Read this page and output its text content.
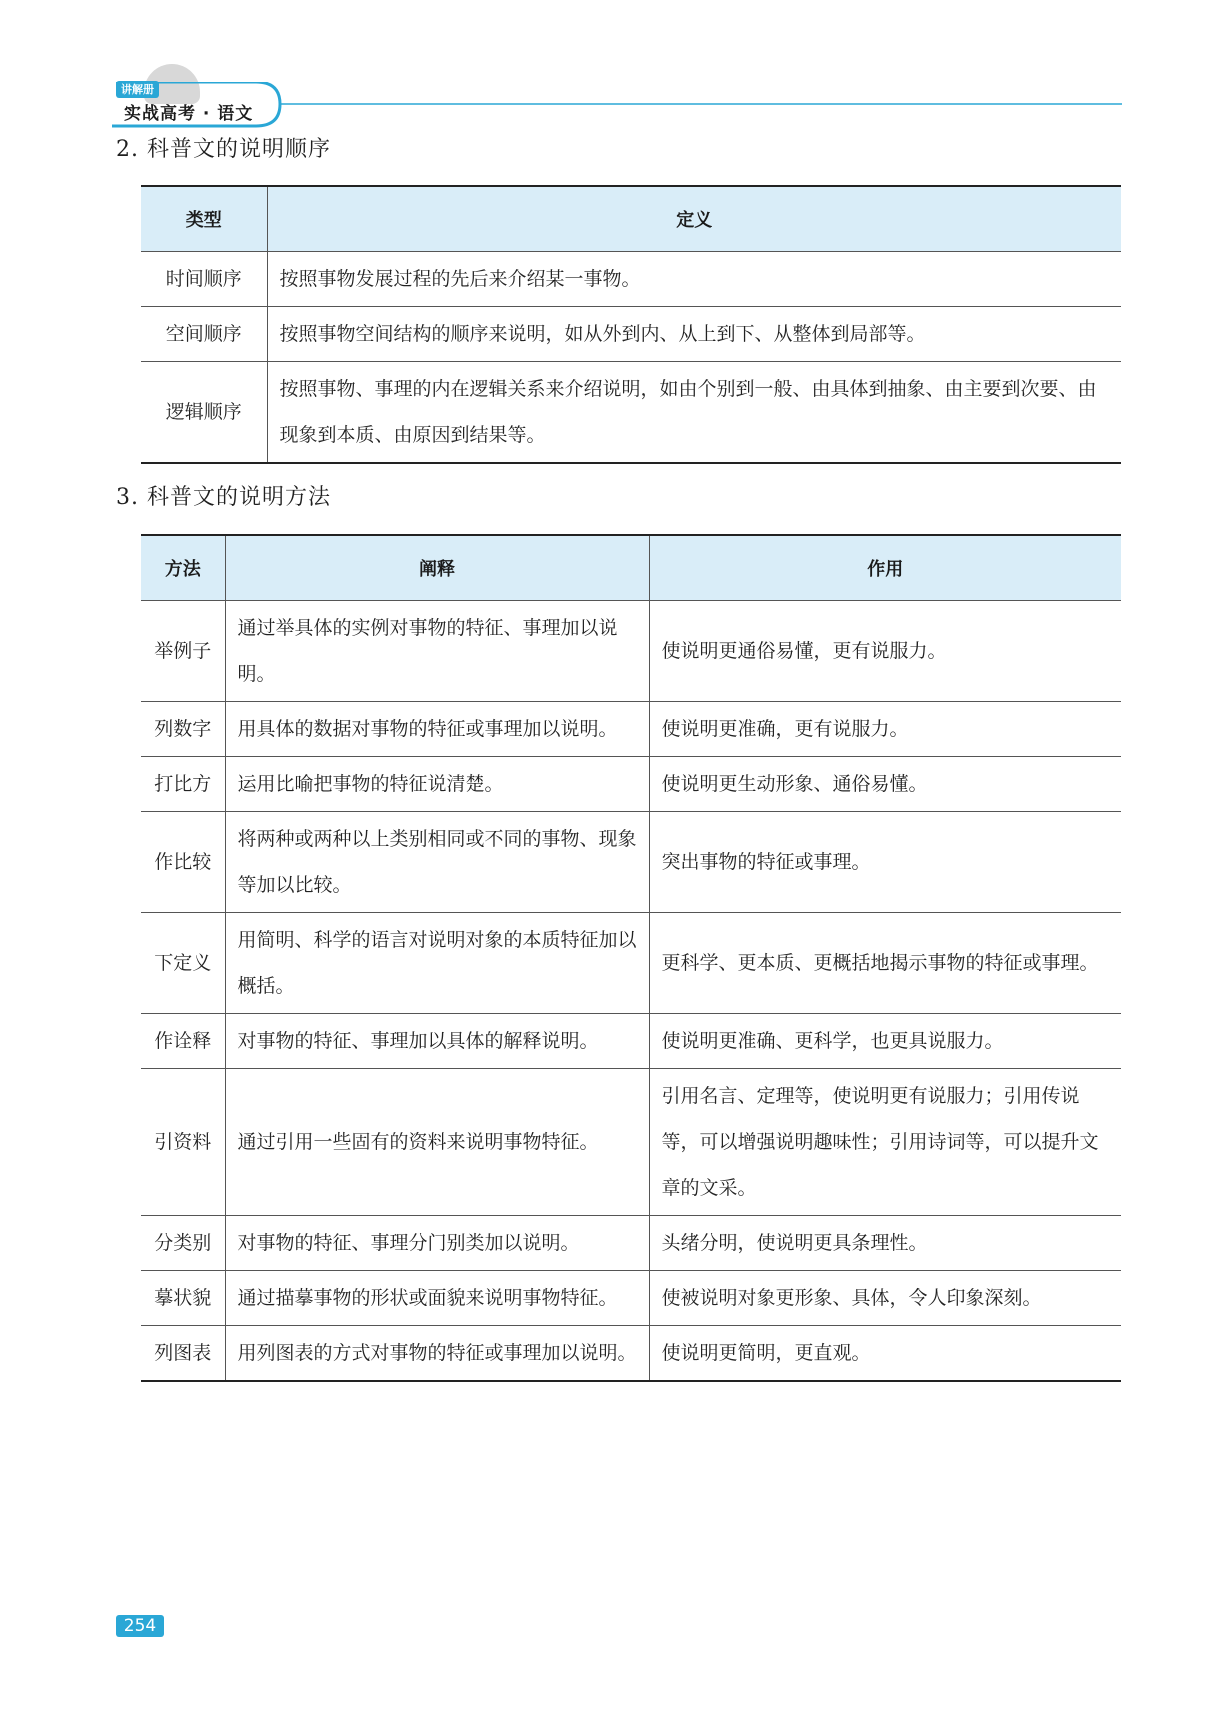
讲解册
实战高考 · 语文
2. 科普文的说明顺序
类型	定义
时间顺序	按照事物发展过程的先后来介绍某一事物。
空间顺序	按照事物空间结构的顺序来说明，如从外到内、从上到下、从整体到局部等。
逻辑顺序	按照事物、事理的内在逻辑关系来介绍说明，如由个别到一般、由具体到抽象、由主要到次要、由现象到本质、由原因到结果等。
3. 科普文的说明方法
方法	阐释	作用
举例子	通过举具体的实例对事物的特征、事理加以说明。	使说明更通俗易懂，更有说服力。
列数字	用具体的数据对事物的特征或事理加以说明。	使说明更准确，更有说服力。
打比方	运用比喻把事物的特征说清楚。	使说明更生动形象、通俗易懂。
作比较	将两种或两种以上类别相同或不同的事物、现象等加以比较。	突出事物的特征或事理。
下定义	用简明、科学的语言对说明对象的本质特征加以概括。	更科学、更本质、更概括地揭示事物的特征或事理。
作诠释	对事物的特征、事理加以具体的解释说明。	使说明更准确、更科学，也更具说服力。
引资料	通过引用一些固有的资料来说明事物特征。	引用名言、定理等，使说明更有说服力；引用传说等，可以增强说明趣味性；引用诗词等，可以提升文章的文采。
分类别	对事物的特征、事理分门别类加以说明。	头绪分明，使说明更具条理性。
摹状貌	通过描摹事物的形状或面貌来说明事物特征。	使被说明对象更形象、具体，令人印象深刻。
列图表	用列图表的方式对事物的特征或事理加以说明。	使说明更简明，更直观。
254
